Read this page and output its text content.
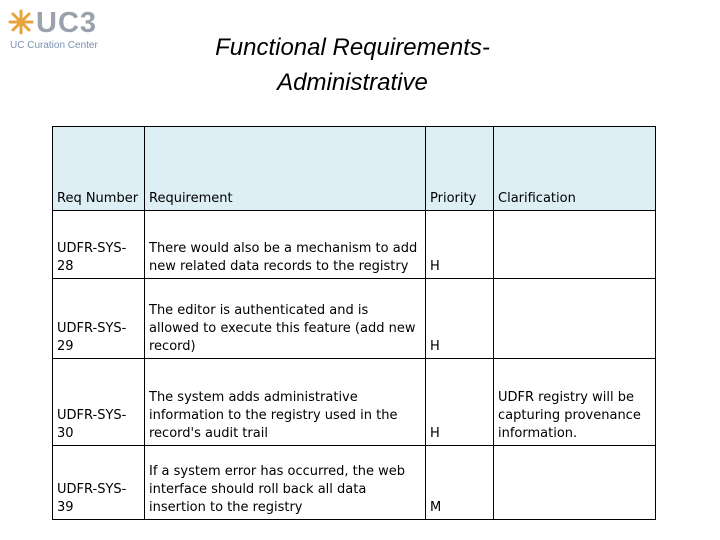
UC3
UC Curation Center	Functional Requirements-
Administrative
Req Number	Requirement	Priority	Clarification
UDFR-SYS-28	There would also be a mechanism to add new related data records to the registry	H	
UDFR-SYS-29	The editor is authenticated and is allowed to execute this feature (add new record)	H	
UDFR-SYS-30	The system adds administrative information to the registry used in the record's audit trail	H	UDFR registry will be capturing provenance information.
UDFR-SYS-39	If a system error has occurred, the web interface should roll back all data insertion to the registry	M	
